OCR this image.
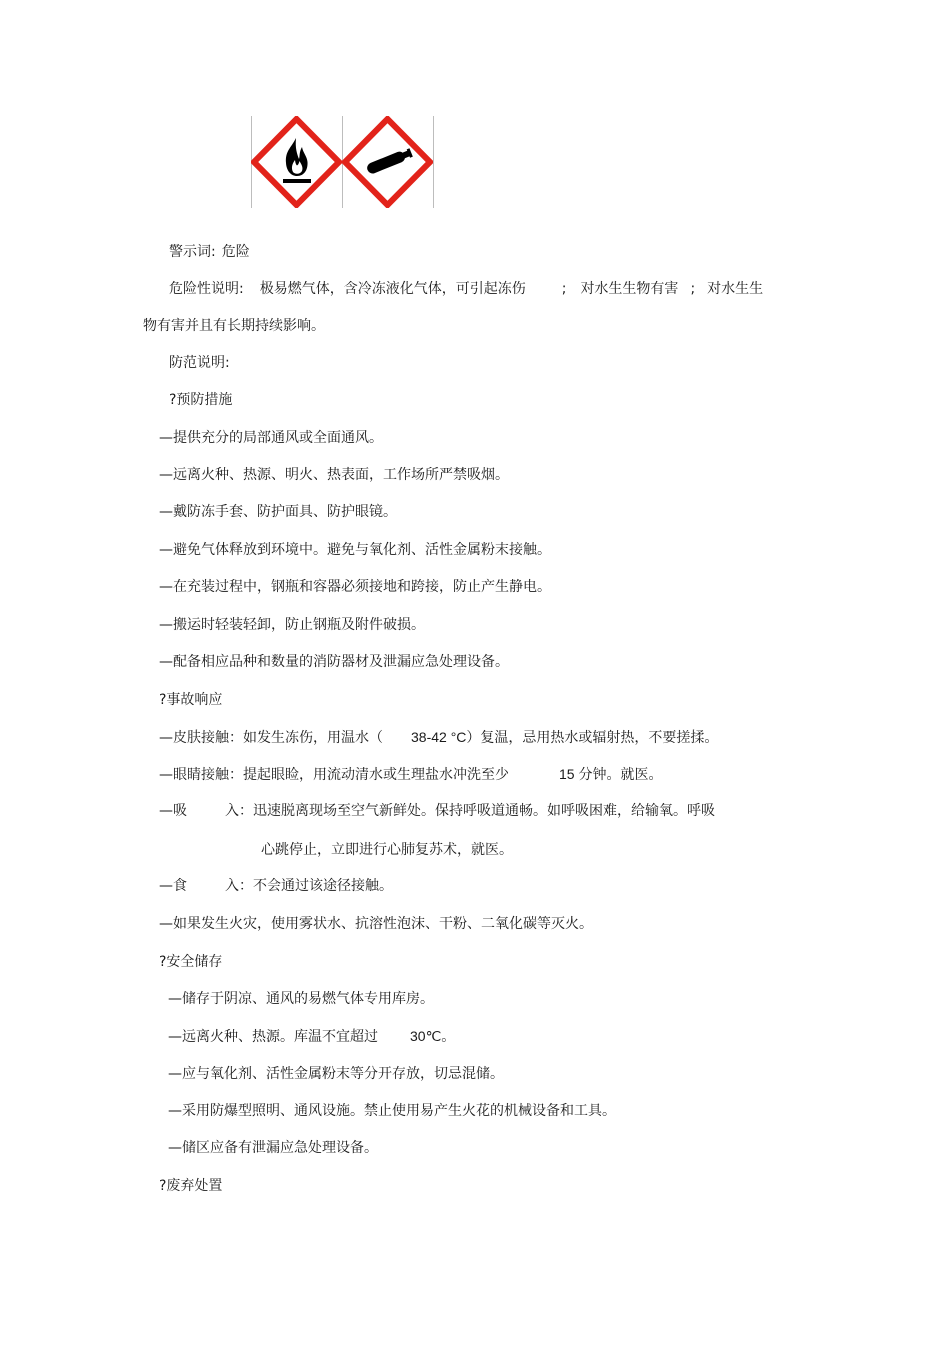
警示词: 危险
危险性说明: 极易燃气体，含冷冻液化气体，可引起冻伤	; 对水生生物有害 ; 对水生生
物有害并且有长期持续影响。
防范说明:
?预防措施
—提供充分的局部通风或全面通风。
—远离火种、热源、明火、热表面，工作场所严禁吸烟。
—戴防冻手套、防护面具、防护眼镜。
—避免气体释放到环境中。避免与氧化剂、活性金属粉末接触。
—在充装过程中，钢瓶和容器必须接地和跨接，防止产生静电。
—搬运时轻装轻卸，防止钢瓶及附件破损。
—配备相应品种和数量的消防器材及泄漏应急处理设备。
?事故响应
—皮肤接触：如发生冻伤，用温水（ 38-42 °C）复温，忌用热水或辐射热，不要搓揉。
—眼睛接触：提起眼睑，用流动清水或生理盐水冲洗至少	15 分钟。就医。
—吸	入：迅速脱离现场至空气新鲜处。保持呼吸道通畅。如呼吸困难，给输氧。呼吸
心跳停止，立即进行心肺复苏术，就医。
—食	入：不会通过该途径接触。
—如果发生火灾，使用雾状水、抗溶性泡沫、干粉、二氧化碳等灭火。
?安全储存
—储存于阴凉、通风的易燃气体专用库房。
—远离火种、热源。库温不宜超过 30℃。
—应与氧化剂、活性金属粉末等分开存放，切忌混储。
—采用防爆型照明、通风设施。禁止使用易产生火花的机械设备和工具。
—储区应备有泄漏应急处理设备。
?废弃处置
